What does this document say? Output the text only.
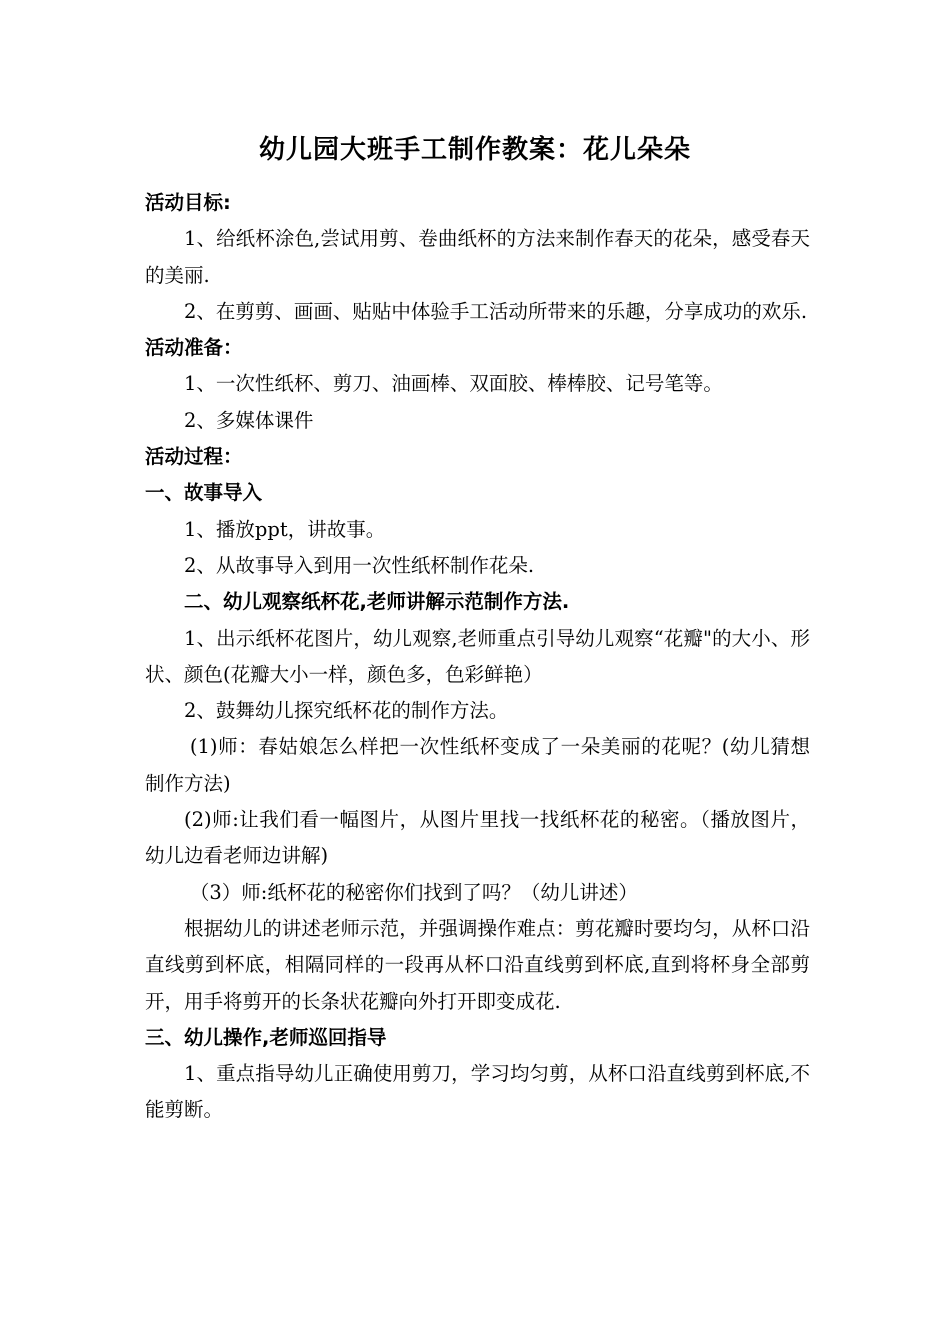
幼儿园大班手工制作教案：花儿朵朵

活动目标:

1、给纸杯涂色,尝试用剪、卷曲纸杯的方法来制作春天的花朵，感受春天的美丽.

2、在剪剪、画画、贴贴中体验手工活动所带来的乐趣，分享成功的欢乐.

活动准备：

1、一次性纸杯、剪刀、油画棒、双面胶、棒棒胶、记号笔等。

2、多媒体课件

活动过程：

一、故事导入

1、播放ppt，讲故事。

2、从故事导入到用一次性纸杯制作花朵.

二、幼儿观察纸杯花,老师讲解示范制作方法.

1、出示纸杯花图片，幼儿观察,老师重点引导幼儿观察“花瓣"的大小、形状、颜色(花瓣大小一样，颜色多，色彩鲜艳）

2、鼓舞幼儿探究纸杯花的制作方法。

(1)师：春姑娘怎么样把一次性纸杯变成了一朵美丽的花呢？(幼儿猜想制作方法)

(2)师:让我们看一幅图片，从图片里找一找纸杯花的秘密。（播放图片，幼儿边看老师边讲解)

（3）师:纸杯花的秘密你们找到了吗？（幼儿讲述）

根据幼儿的讲述老师示范，并强调操作难点：剪花瓣时要均匀，从杯口沿直线剪到杯底，相隔同样的一段再从杯口沿直线剪到杯底,直到将杯身全部剪开，用手将剪开的长条状花瓣向外打开即变成花.

三、幼儿操作,老师巡回指导

1、重点指导幼儿正确使用剪刀，学习均匀剪，从杯口沿直线剪到杯底,不能剪断。
